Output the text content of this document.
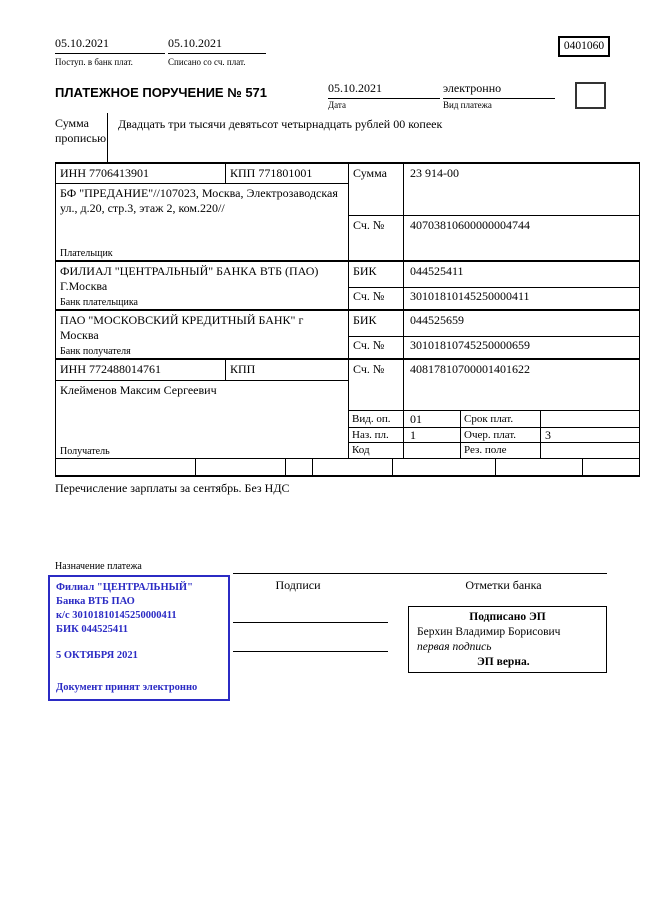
05.10.2021
Поступ. в банк плат.
05.10.2021
Списано со сч. плат.
0401060
ПЛАТЕЖНОЕ ПОРУЧЕНИЕ № 571	05.10.2021
Дата
электронно
Вид платежа
Сумма прописью
Двадцать три тысячи девятьсот четырнадцать рублей 00 копеек
ИНН 7706413901	КПП 771801001	Сумма 23 914-00
БФ "ПРЕДАНИЕ"//107023, Москва, Электрозаводская ул., д.20, стр.3, этаж 2, ком.220//
Сч. № 40703810600000004744
Плательщик
ФИЛИАЛ "ЦЕНТРАЛЬНЫЙ" БАНКА ВТБ (ПАО) Г.Москва
БИК	044525411
Сч. № 30101810145250000411
Банк плательщика
ПАО "МОСКОВСКИЙ КРЕДИТНЫЙ БАНК" г Москва
БИК	044525659
Сч. № 30101810745250000659
Банк получателя
ИНН 772488014761	КПП	Сч. № 40817810700001401622
Клейменов Максим Сергеевич
Получатель
Вид. оп. 01	Срок плат.
Наз. пл. 1	Очер. плат. 3
Код	Рез. поле
Перечисление зарплаты за сентябрь. Без НДС
Назначение платежа
Подписи	Отметки банка
Филиал "ЦЕНТРАЛЬНЫЙ" Банка ВТБ ПАО
к/с 30101810145250000411
БИК 044525411
5 ОКТЯБРЯ 2021
Документ принят электронно
Подписано ЭП
Берхин Владимир Борисович
первая подпись
ЭП верна.
